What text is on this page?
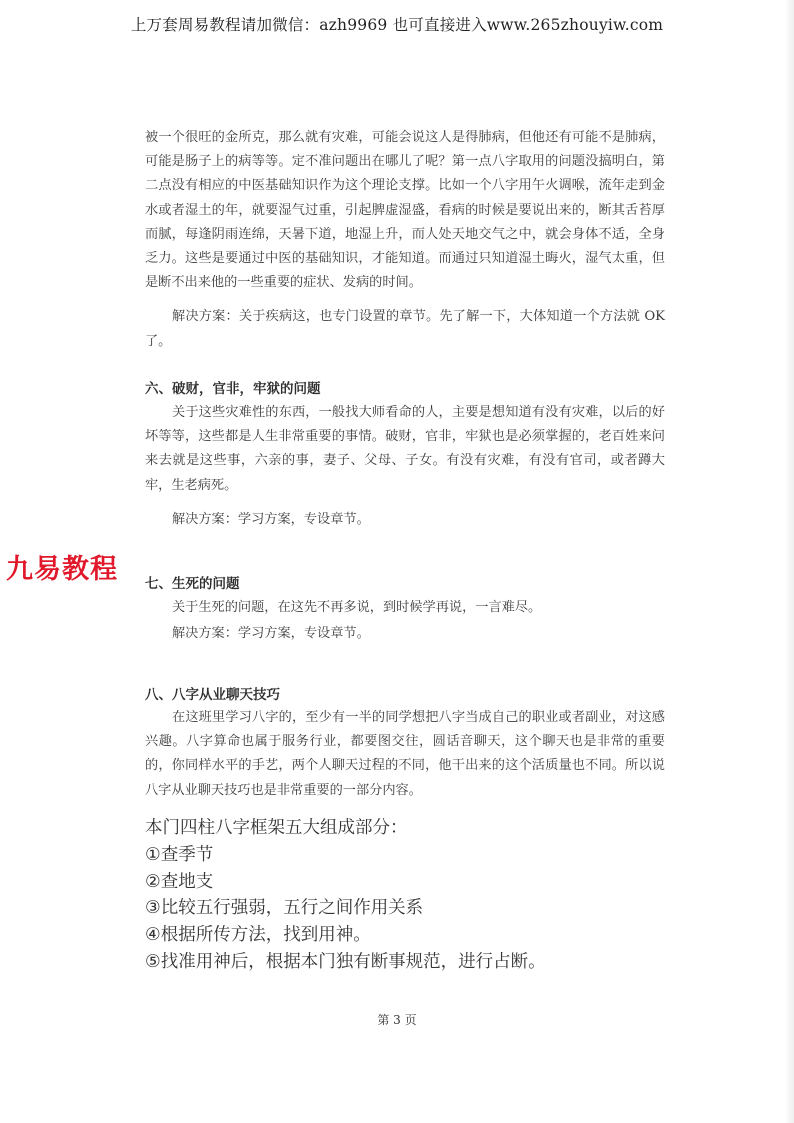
上万套周易教程请加微信：azh9969 也可直接进入www.265zhouyiw.com

被一个很旺的金所克，那么就有灾难，可能会说这人是得肺病，但他还有可能不是肺病，可能是肠子上的病等等。定不准问题出在哪儿了呢？第一点八字取用的问题没搞明白，第二点没有相应的中医基础知识作为这个理论支撑。比如一个八字用午火调喉，流年走到金水或者湿土的年，就要湿气过重，引起脾虚湿盛，看病的时候是要说出来的，断其舌苔厚而腻，每逢阴雨连绵，天暑下道，地湿上升，而人处天地交气之中，就会身体不适，全身乏力。这些是要通过中医的基础知识，才能知道。而通过只知道湿土晦火，湿气太重，但是断不出来他的一些重要的症状、发病的时间。

解决方案：关于疾病这，也专门设置的章节。先了解一下，大体知道一个方法就 OK 了。

六、破财，官非，牢狱的问题

关于这些灾难性的东西，一般找大师看命的人，主要是想知道有没有灾难，以后的好坏等等，这些都是人生非常重要的事情。破财，官非，牢狱也是必须掌握的，老百姓来问来去就是这些事，六亲的事，妻子、父母、子女。有没有灾难，有没有官司，或者蹲大牢，生老病死。

解决方案：学习方案，专设章节。

九易教程 七、生死的问题

关于生死的问题，在这先不再多说，到时候学再说，一言难尽。

解决方案：学习方案，专设章节。

八、八字从业聊天技巧

在这班里学习八字的，至少有一半的同学想把八字当成自己的职业或者副业，对这感兴趣。八字算命也属于服务行业，都要图交往，圆话音聊天，这个聊天也是非常的重要的，你同样水平的手艺，两个人聊天过程的不同，他干出来的这个活质量也不同。所以说八字从业聊天技巧也是非常重要的一部分内容。

本门四柱八字框架五大组成部分：
①查季节
②查地支
③比较五行强弱，五行之间作用关系
④根据所传方法，找到用神。
⑤找准用神后，根据本门独有断事规范，进行占断。
第 3 页
